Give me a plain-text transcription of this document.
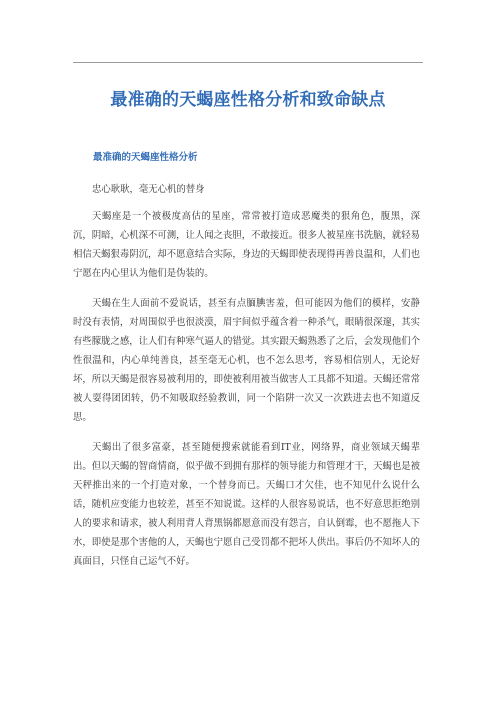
最准确的天蝎座性格分析和致命缺点
最准确的天蝎座性格分析

忠心耿耿，毫无心机的替身

天蝎座是一个被极度高估的星座，常常被打造成恶魔类的狠角色，腹黑，深沉，阴暗，心机深不可测，让人闻之丧胆，不敢接近。很多人被星座书洗脑，就轻易相信天蝎狠毒阴沉，却不愿意结合实际，身边的天蝎即使表现得再善良温和，人们也宁愿在内心里认为他们是伪装的。

天蝎在生人面前不爱说话，甚至有点腼腆害羞，但可能因为他们的模样，安静时没有表情，对周围似乎也很淡漠，眉宇间似乎蕴含着一种杀气，眼睛很深邃，其实有些朦胧之感，让人们有种寒气逼人的错觉。其实跟天蝎熟悉了之后，会发现他们个性很温和，内心单纯善良，甚至毫无心机，也不怎么思考，容易相信别人，无论好坏，所以天蝎是很容易被利用的，即使被利用被当做害人工具都不知道。天蝎还常常被人耍得团团转，仍不知吸取经验教训，同一个陷阱一次又一次跌进去也不知道反思。

天蝎出了很多富豪，甚至随便搜索就能看到IT业，网络界，商业领域天蝎辈出。但以天蝎的智商情商，似乎做不到拥有那样的领导能力和管理才干，天蝎也是被天秤推出来的一个打造对象，一个替身而已。天蝎口才欠佳，也不知见什么说什么话，随机应变能力也较差，甚至不知说谎。这样的人很容易说话，也不好意思拒绝别人的要求和请求，被人利用背人背黑锅都愿意而没有怨言，自认倒霉，也不愿拖人下水，即使是那个害他的人，天蝎也宁愿自己受罚都不把坏人供出。事后仍不知坏人的真面目，只怪自己运气不好。
